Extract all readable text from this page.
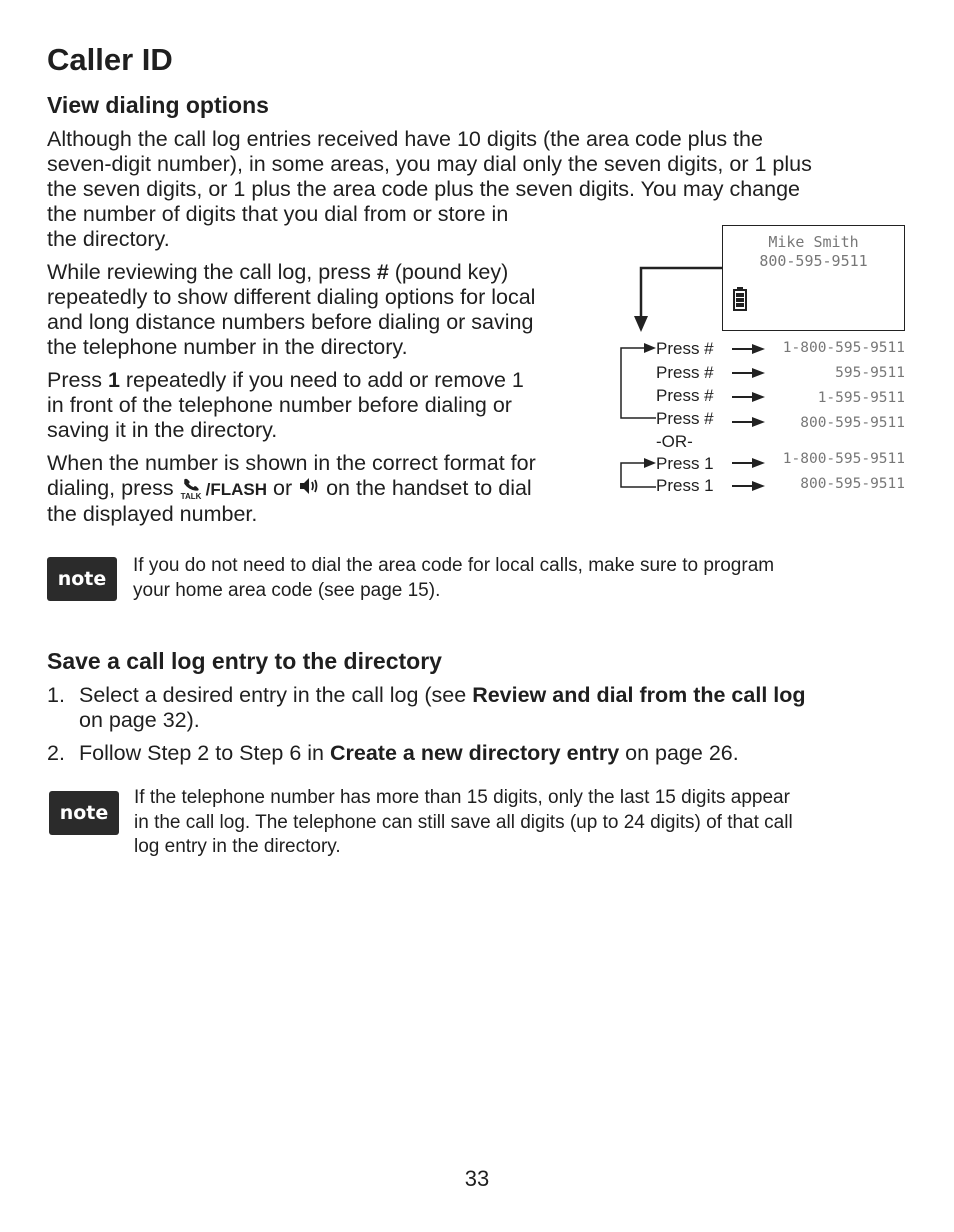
Caller ID
View dialing options
Although the call log entries received have 10 digits (the area code plus the
seven-digit number), in some areas, you may dial only the seven digits, or 1 plus
the seven digits, or 1 plus the area code plus the seven digits. You may change
the number of digits that you dial from or store in
the directory.
While reviewing the call log, press # (pound key)
repeatedly to show different dialing options for local
and long distance numbers before dialing or saving
the telephone number in the directory.
Press 1 repeatedly if you need to add or remove 1
in front of the telephone number before dialing or
saving it in the directory.
When the number is shown in the correct format for
dialing, press TALK /FLASH or  on the handset to dial
the displayed number.
Mike Smith
800-595-9511
Press #
Press #
Press #
Press #
-OR-
Press 1
Press 1
1-800-595-9511
595-9511
1-595-9511
800-595-9511
1-800-595-9511
800-595-9511
note
If you do not need to dial the area code for local calls, make sure to program
your home area code (see page 15).
Save a call log entry to the directory
1. Select a desired entry in the call log (see Review and dial from the call log
on page 32).
2. Follow Step 2 to Step 6 in Create a new directory entry on page 26.
note
If the telephone number has more than 15 digits, only the last 15 digits appear
in the call log. The telephone can still save all digits (up to 24 digits) of that call
log entry in the directory.
33
